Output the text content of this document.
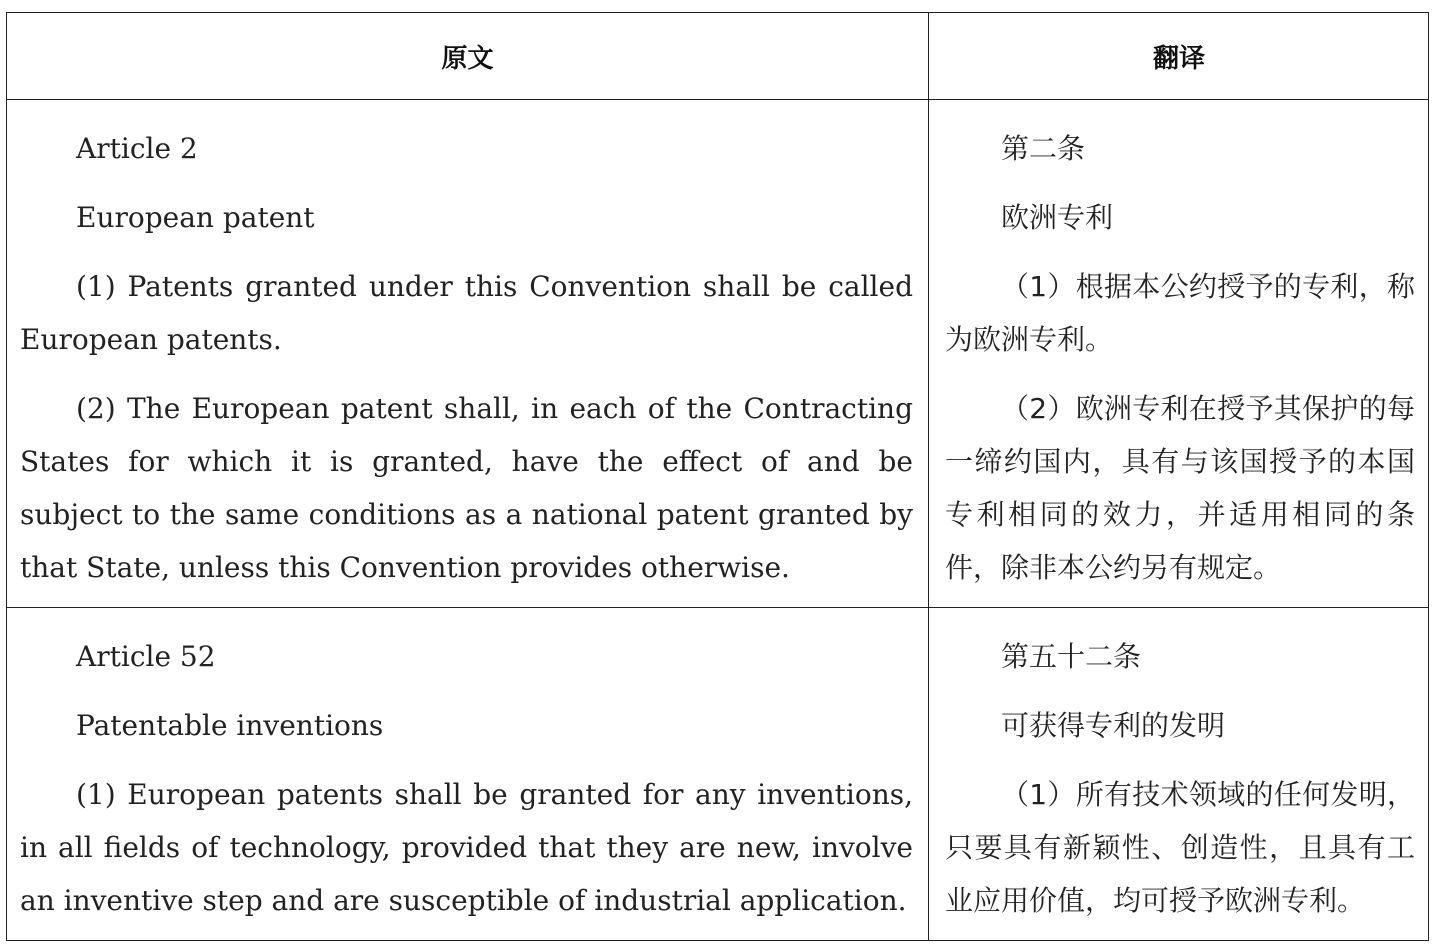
原文	翻译

Article 2

European patent

(1) Patents granted under this Convention shall be called European patents.

(2) The European patent shall, in each of the Contracting States for which it is granted, have the effect of and be subject to the same conditions as a national patent granted by that State, unless this Convention provides otherwise.

第二条

欧洲专利

（1）根据本公约授予的专利，称为欧洲专利。

（2）欧洲专利在授予其保护的每一缔约国内，具有与该国授予的本国专利相同的效力，并适用相同的条件，除非本公约另有规定。

Article 52

Patentable inventions

(1) European patents shall be granted for any inventions, in all fields of technology, provided that they are new, involve an inventive step and are susceptible of industrial application.

第五十二条

可获得专利的发明

（1）所有技术领域的任何发明，只要具有新颖性、创造性，且具有工业应用价值，均可授予欧洲专利。
